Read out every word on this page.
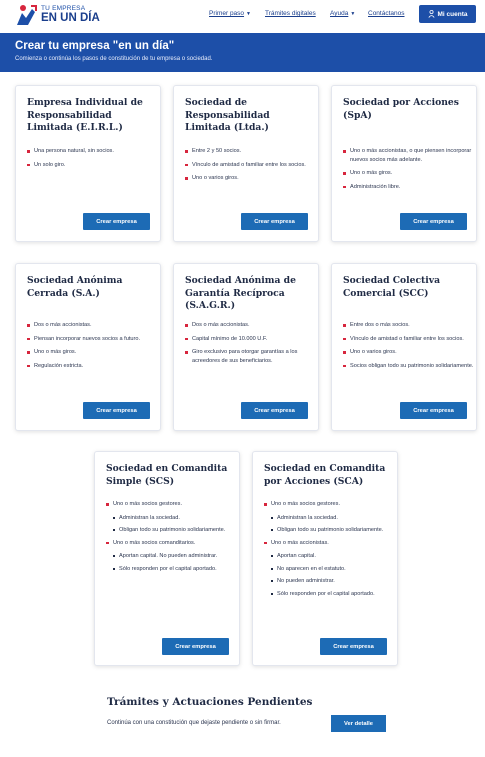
TU EMPRESA
EN UN DÍA	Primer paso ▼ Trámites digitales Ayuda ▼ Contáctanos	Mi cuenta
Crear tu empresa "en un día"
Comienza o continúa los pasos de constitución de tu empresa o sociedad.
Empresa Individual de Responsabilidad Limitada (E.I.R.L.)
Una persona natural, sin socios.
Un solo giro.
Crear empresa
Sociedad de Responsabilidad Limitada (Ltda.)
Entre 2 y 50 socios.
Vínculo de amistad o familiar entre los socios.
Uno o varios giros.
Crear empresa
Sociedad por Acciones (SpA)
Uno o más accionistas, o que piensen incorporar nuevos socios más adelante.
Uno o más giros.
Administración libre.
Crear empresa
Sociedad Anónima Cerrada (S.A.)
Dos o más accionistas.
Piensan incorporar nuevos socios a futuro.
Uno o más giros.
Regulación estricta.
Crear empresa
Sociedad Anónima de Garantía Recíproca (S.A.G.R.)
Dos o más accionistas.
Capital mínimo de 10.000 U.F.
Giro exclusivo para otorgar garantías a los acreedores de sus beneficiarios.
Crear empresa
Sociedad Colectiva Comercial (SCC)
Entre dos o más socios.
Vínculo de amistad o familiar entre los socios.
Uno o varios giros.
Socios obligan todo su patrimonio solidariamente.
Crear empresa
Sociedad en Comandita Simple (SCS)
Uno o más socios gestores.
Administran la sociedad.
Obligan todo su patrimonio solidariamente.
Uno o más socios comanditarios.
Aportan capital. No pueden administrar.
Sólo responden por el capital aportado.
Crear empresa
Sociedad en Comandita por Acciones (SCA)
Uno o más socios gestores.
Administran la sociedad.
Obligan todo su patrimonio solidariamente.
Uno o más accionistas.
Aportan capital.
No aparecen en el estatuto.
No pueden administrar.
Sólo responden por el capital aportado.
Crear empresa
Trámites y Actuaciones Pendientes
Continúa con una constitución que dejaste pendiente o sin firmar.	Ver detalle
